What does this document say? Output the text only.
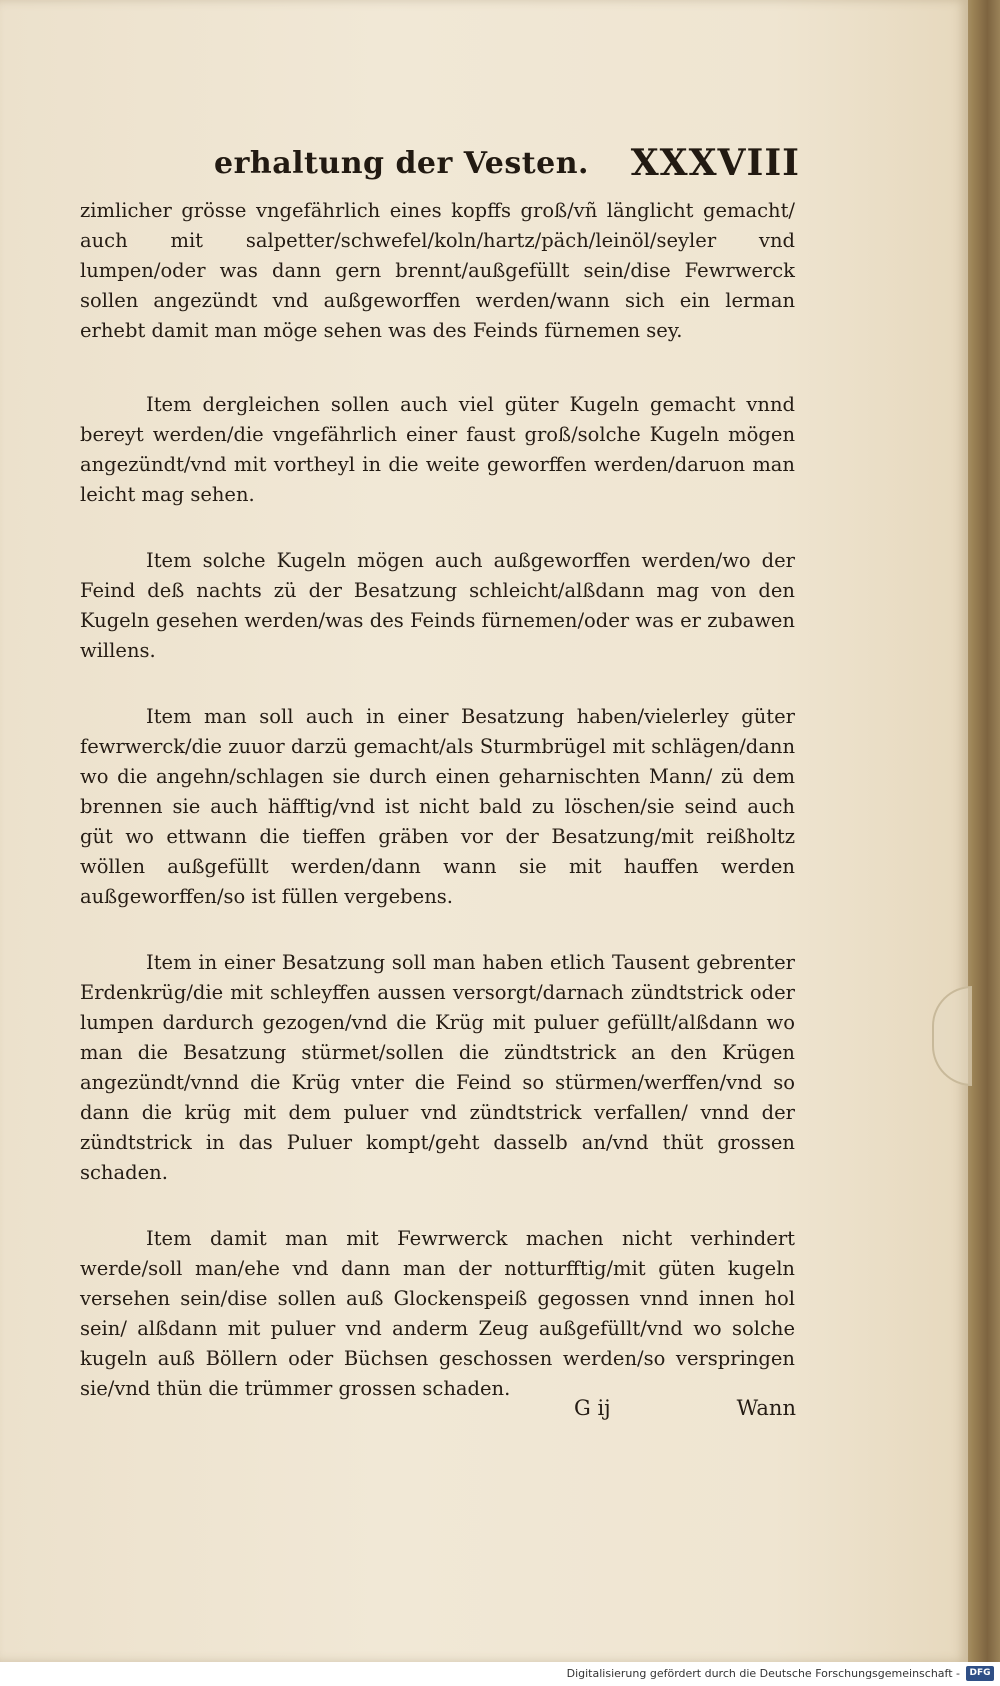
erhaltung der Vesten. XXXVIII

zimlicher grösse vngefährlich eines kopffs groß/vñ länglicht gemacht/ auch mit salpetter/schwefel/koln/hartz/päch/leinöl/seyler vnd lumpen/oder was dann gern brennt/außgefüllt sein/dise Fewrwerck sollen angezündt vnd außgeworffen werden/wann sich ein lerman erhebt damit man möge sehen was des Feinds fürnemen sey.

Item dergleichen sollen auch viel güter Kugeln gemacht vnnd bereyt werden/die vngefährlich einer faust groß/solche Kugeln mögen angezündt/vnd mit vortheyl in die weite geworffen werden/daruon man leicht mag sehen.

Item solche Kugeln mögen auch außgeworffen werden/wo der Feind deß nachts zü der Besatzung schleicht/alßdann mag von den Kugeln gesehen werden/was des Feinds fürnemen/oder was er zubawen willens.

Item man soll auch in einer Besatzung haben/vielerley güter fewrwerck/die zuuor darzü gemacht/als Sturmbrügel mit schlägen/dann wo die angehn/schlagen sie durch einen geharnischten Mann/ zü dem brennen sie auch häfftig/vnd ist nicht bald zu löschen/sie seind auch güt wo ettwann die tieffen gräben vor der Besatzung/mit reißholtz wöllen außgefüllt werden/dann wann sie mit hauffen werden außgeworffen/so ist füllen vergebens.

Item in einer Besatzung soll man haben etlich Tausent gebrenter Erdenkrüg/die mit schleyffen aussen versorgt/darnach zündtstrick oder lumpen dardurch gezogen/vnd die Krüg mit puluer gefüllt/alßdann wo man die Besatzung stürmet/sollen die zündtstrick an den Krügen angezündt/vnnd die Krüg vnter die Feind so stürmen/werffen/vnd so dann die krüg mit dem puluer vnd zündtstrick verfallen/ vnnd der zündtstrick in das Puluer kompt/geht dasselb an/vnd thüt grossen schaden.

Item damit man mit Fewrwerck machen nicht verhindert werde/soll man/ehe vnd dann man der notturfftig/mit güten kugeln versehen sein/dise sollen auß Glockenspeiß gegossen vnnd innen hol sein/ alßdann mit puluer vnd anderm Zeug außgefüllt/vnd wo solche kugeln auß Böllern oder Büchsen geschossen werden/so verspringen sie/vnd thün die trümmer grossen schaden.

G ij	Wann
Digitalisierung gefördert durch die Deutsche Forschungsgemeinschaft -	DFG
